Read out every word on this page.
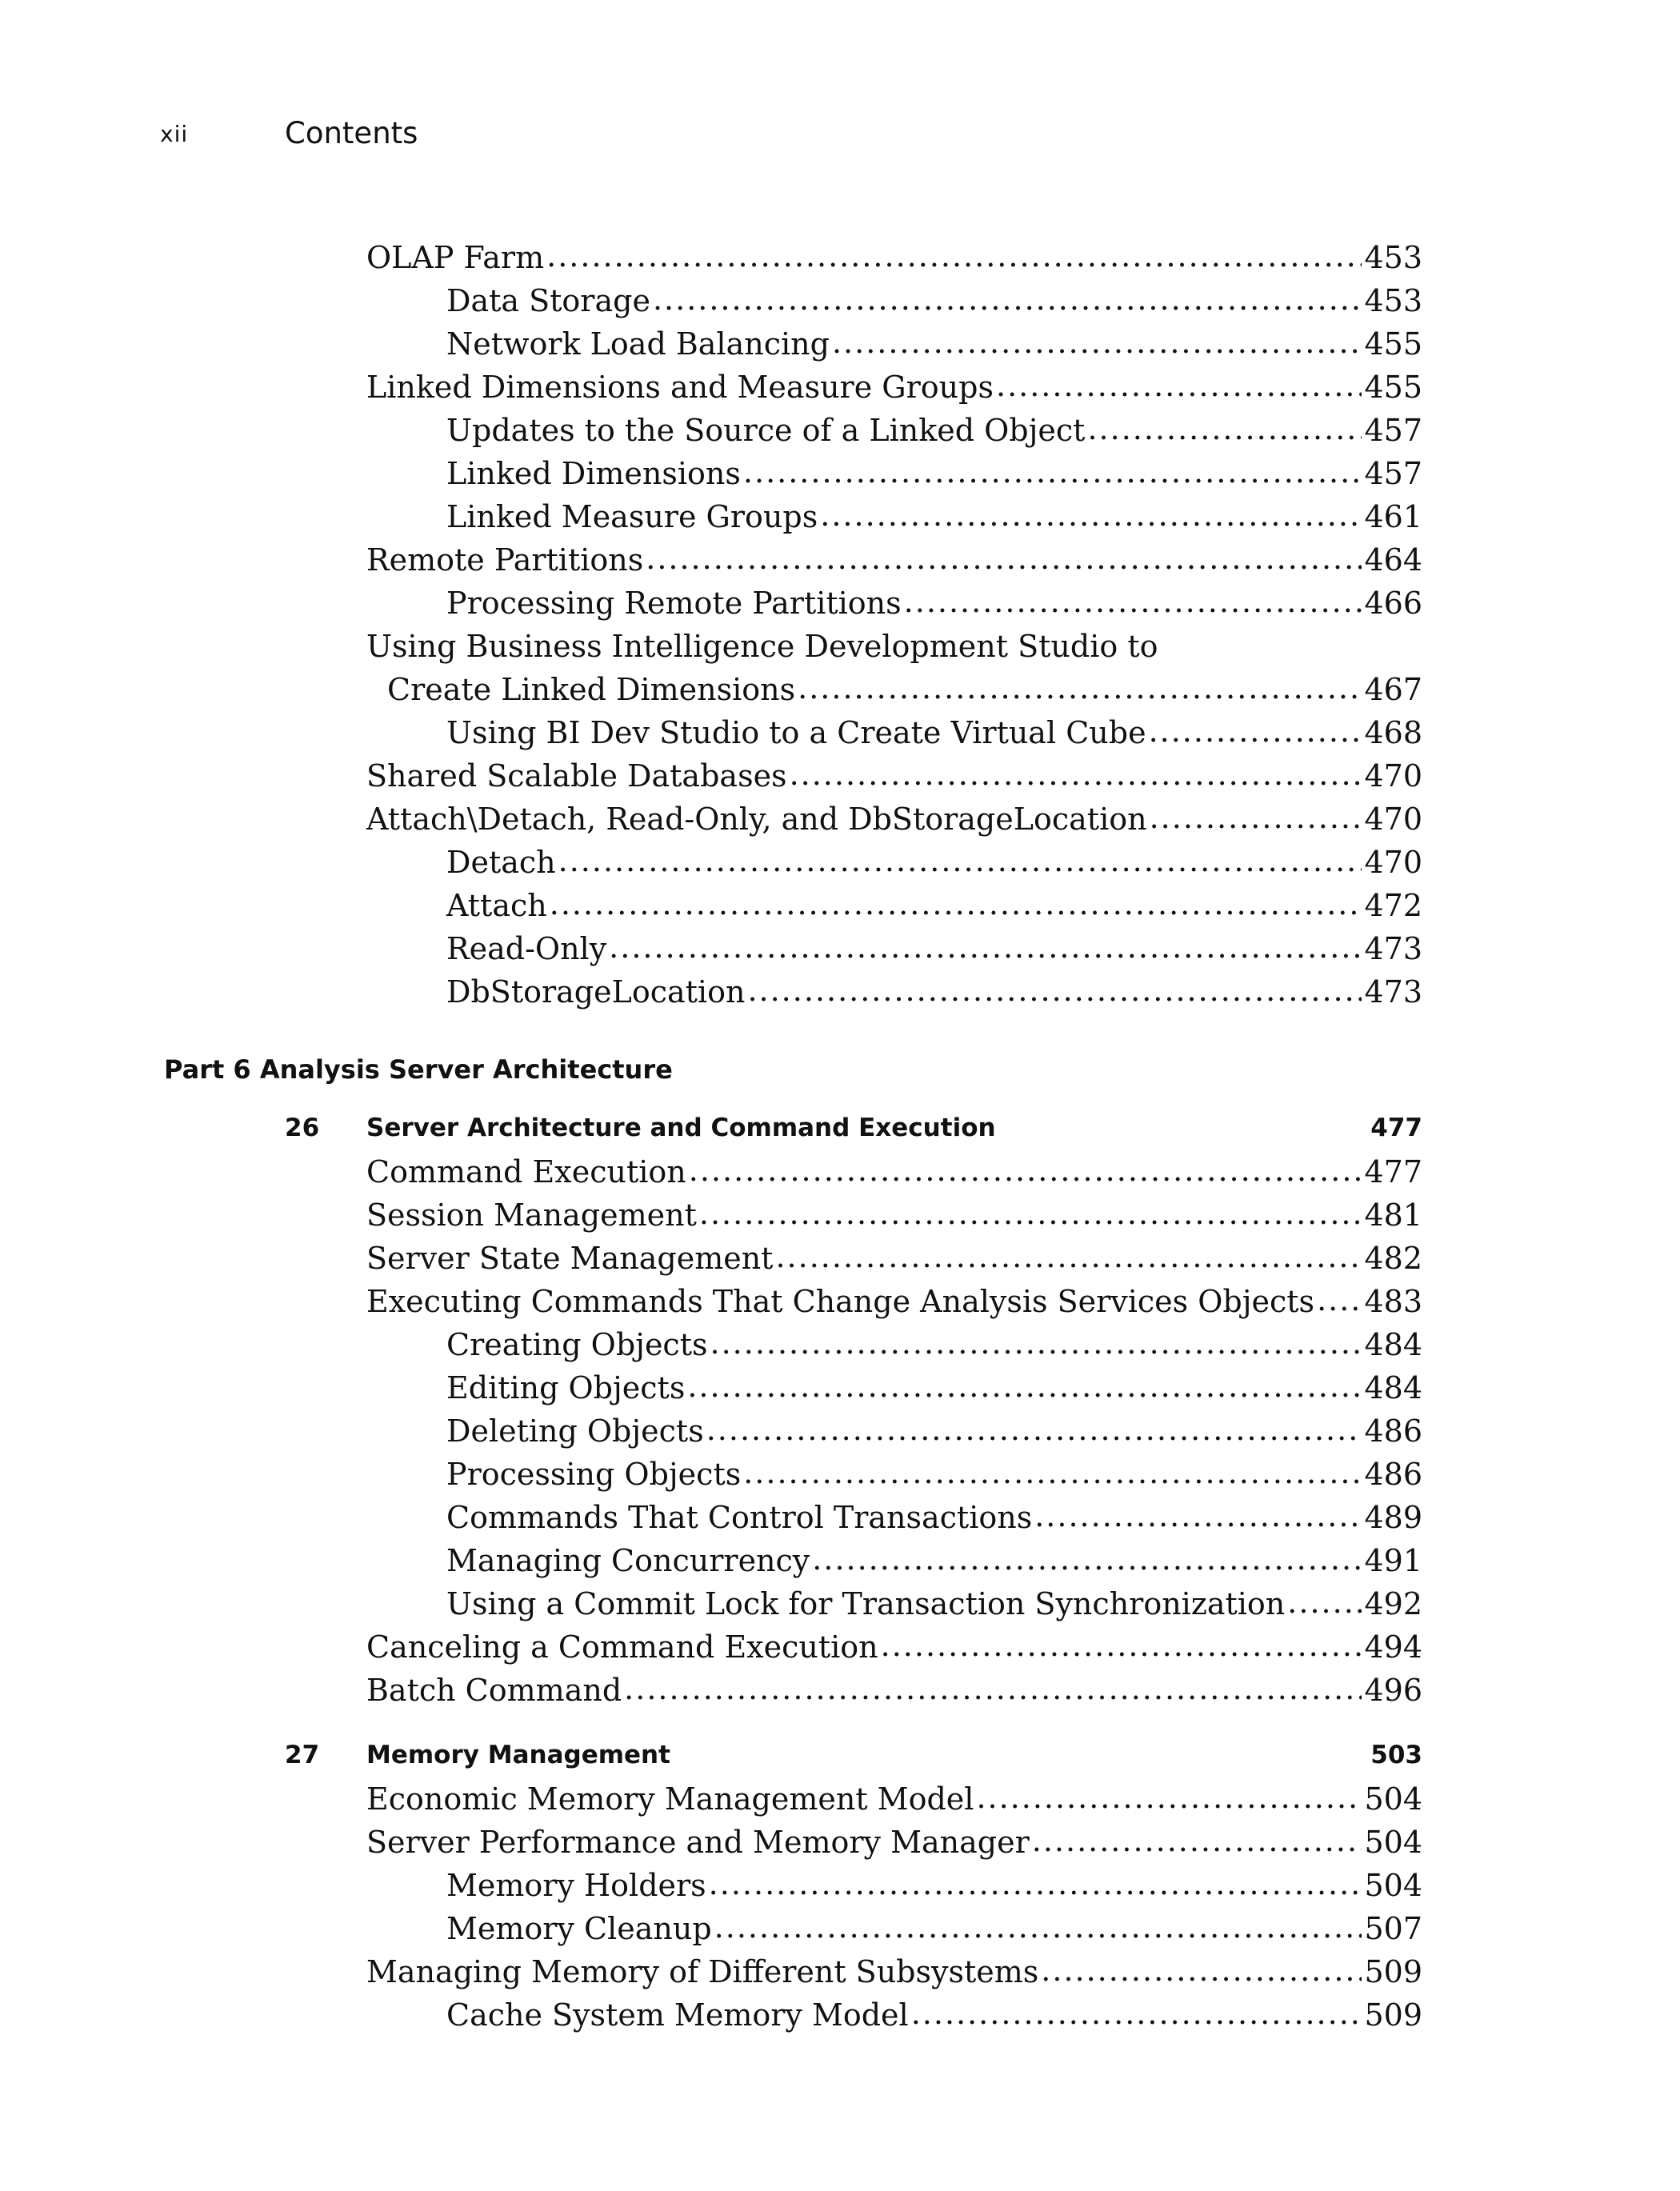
xii	Contents
OLAP Farm .....	453
Data Storage .....	453
Network Load Balancing .....	455
Linked Dimensions and Measure Groups .....	455
Updates to the Source of a Linked Object .....	457
Linked Dimensions .....	457
Linked Measure Groups .....	461
Remote Partitions .....	464
Processing Remote Partitions .....	466
Using Business Intelligence Development Studio to
Create Linked Dimensions .....	467
Using BI Dev Studio to a Create Virtual Cube .....	468
Shared Scalable Databases .....	470
Attach\Detach, Read-Only, and DbStorageLocation .....	470
Detach .....	470
Attach .....	472
Read-Only .....	473
DbStorageLocation .....	473
Part 6 Analysis Server Architecture
26 Server Architecture and Command Execution	477
Command Execution .....	477
Session Management .....	481
Server State Management .....	482
Executing Commands That Change Analysis Services Objects ..... 483
Creating Objects .....	484
Editing Objects .....	484
Deleting Objects .....	486
Processing Objects .....	486
Commands That Control Transactions .....	489
Managing Concurrency .....	491
Using a Commit Lock for Transaction Synchronization .....	492
Canceling a Command Execution .....	494
Batch Command .....	496
27 Memory Management	503
Economic Memory Management Model .....	504
Server Performance and Memory Manager .....	504
Memory Holders .....	504
Memory Cleanup .....	507
Managing Memory of Different Subsystems .....	509
Cache System Memory Model .....	509
